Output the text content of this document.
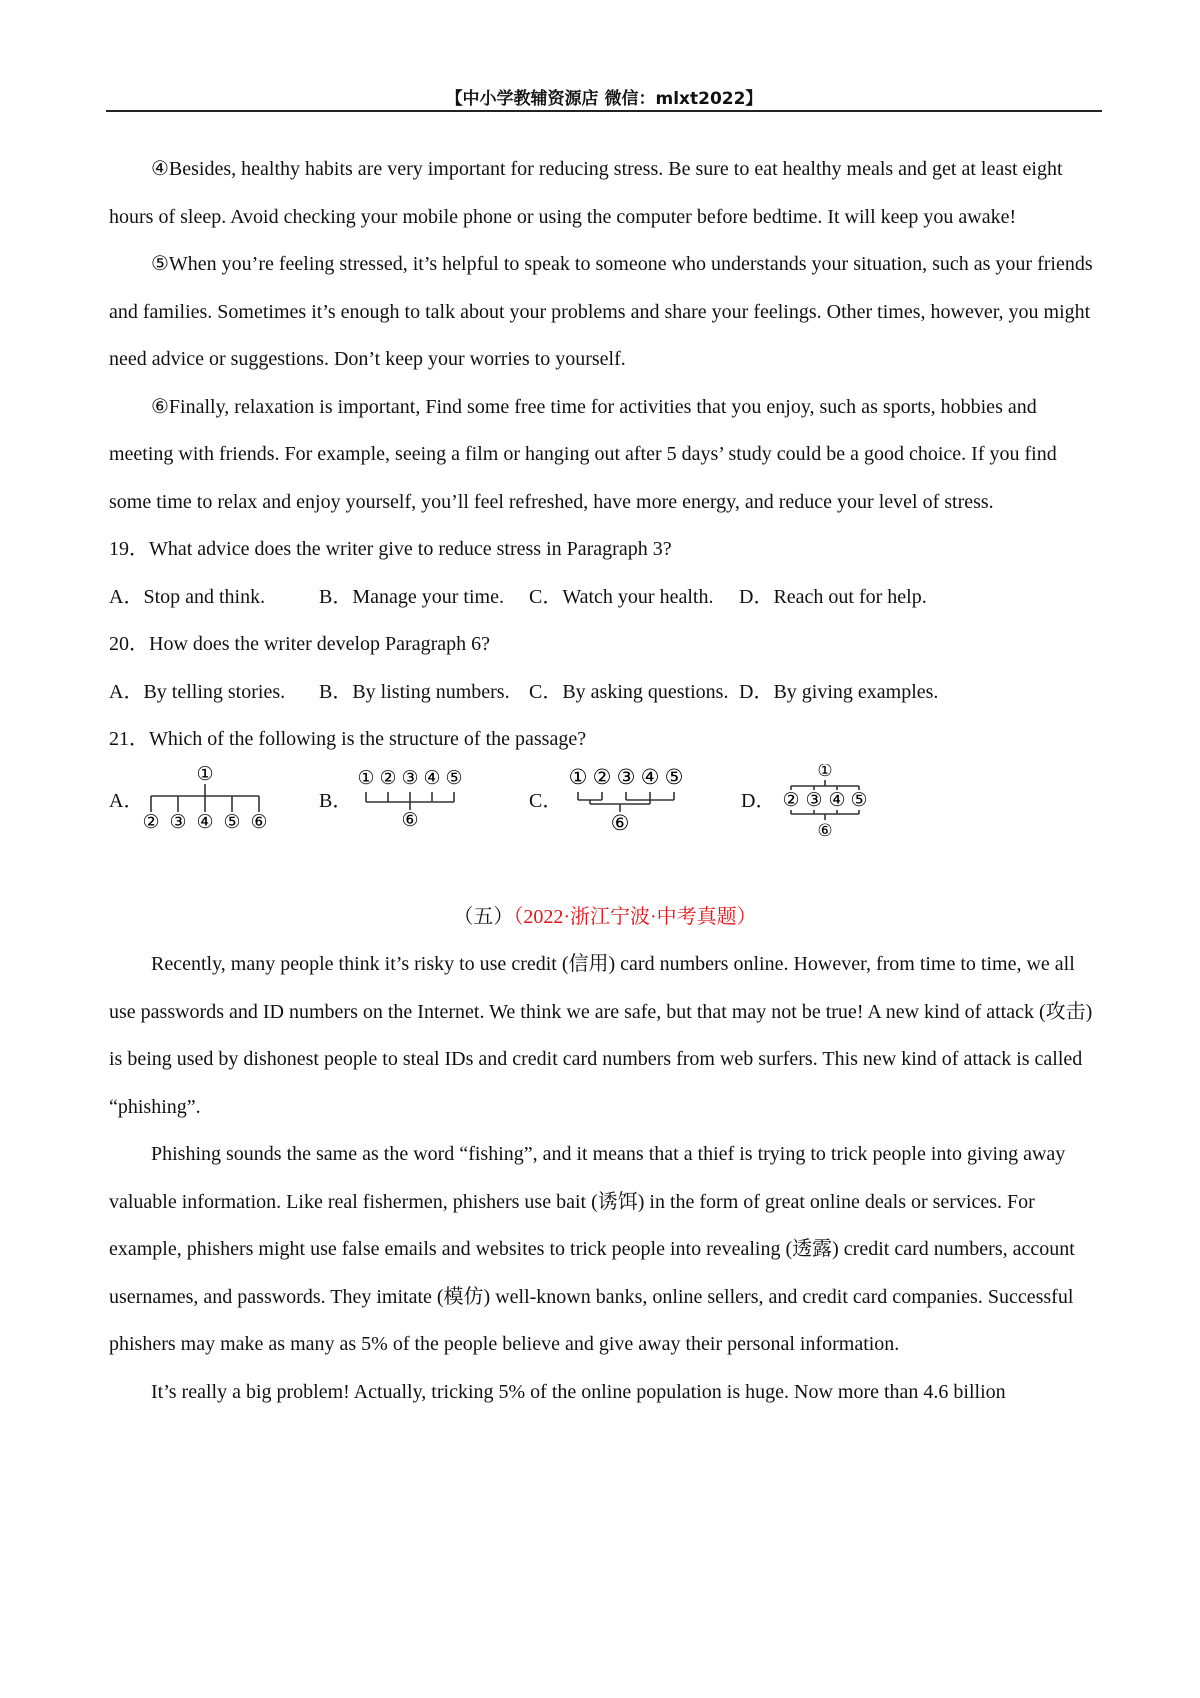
【中小学教辅资源店 微信：mlxt2022】

④Besides, healthy habits are very important for reducing stress. Be sure to eat healthy meals and get at least eight hours of sleep. Avoid checking your mobile phone or using the computer before bedtime. It will keep you awake!

⑤When you’re feeling stressed, it’s helpful to speak to someone who understands your situation, such as your friends and families. Sometimes it’s enough to talk about your problems and share your feelings. Other times, however, you might need advice or suggestions. Don’t keep your worries to yourself.

⑥Finally, relaxation is important, Find some free time for activities that you enjoy, such as sports, hobbies and meeting with friends. For example, seeing a film or hanging out after 5 days’ study could be a good choice. If you find some time to relax and enjoy yourself, you’ll feel refreshed, have more energy, and reduce your level of stress.

19．What advice does the writer give to reduce stress in Paragraph 3?

A．Stop and think.	B．Manage your time.	C．Watch your health.	D．Reach out for help.

20．How does the writer develop Paragraph 6?

A．By telling stories.	B．By listing numbers. C．By asking questions. D．By giving examples.

21．Which of the following is the structure of the passage?

A．
①
② ③ ④ ⑤ ⑥
B．
① ② ③ ④ ⑤
⑥
C．
① ② ③ ④ ⑤
⑥
D．
①
② ③ ④ ⑤
⑥

（五）（2022·浙江宁波·中考真题）

Recently, many people think it’s risky to use credit (信用) card numbers online. However, from time to time, we all use passwords and ID numbers on the Internet. We think we are safe, but that may not be true! A new kind of attack (攻击) is being used by dishonest people to steal IDs and credit card numbers from web surfers. This new kind of attack is called “phishing”.

Phishing sounds the same as the word “fishing”, and it means that a thief is trying to trick people into giving away valuable information. Like real fishermen, phishers use bait (诱饵) in the form of great online deals or services. For example, phishers might use false emails and websites to trick people into revealing (透露) credit card numbers, account usernames, and passwords. They imitate (模仿) well-known banks, online sellers, and credit card companies. Successful phishers may make as many as 5% of the people believe and give away their personal information.

It’s really a big problem! Actually, tricking 5% of the online population is huge. Now more than 4.6 billion
